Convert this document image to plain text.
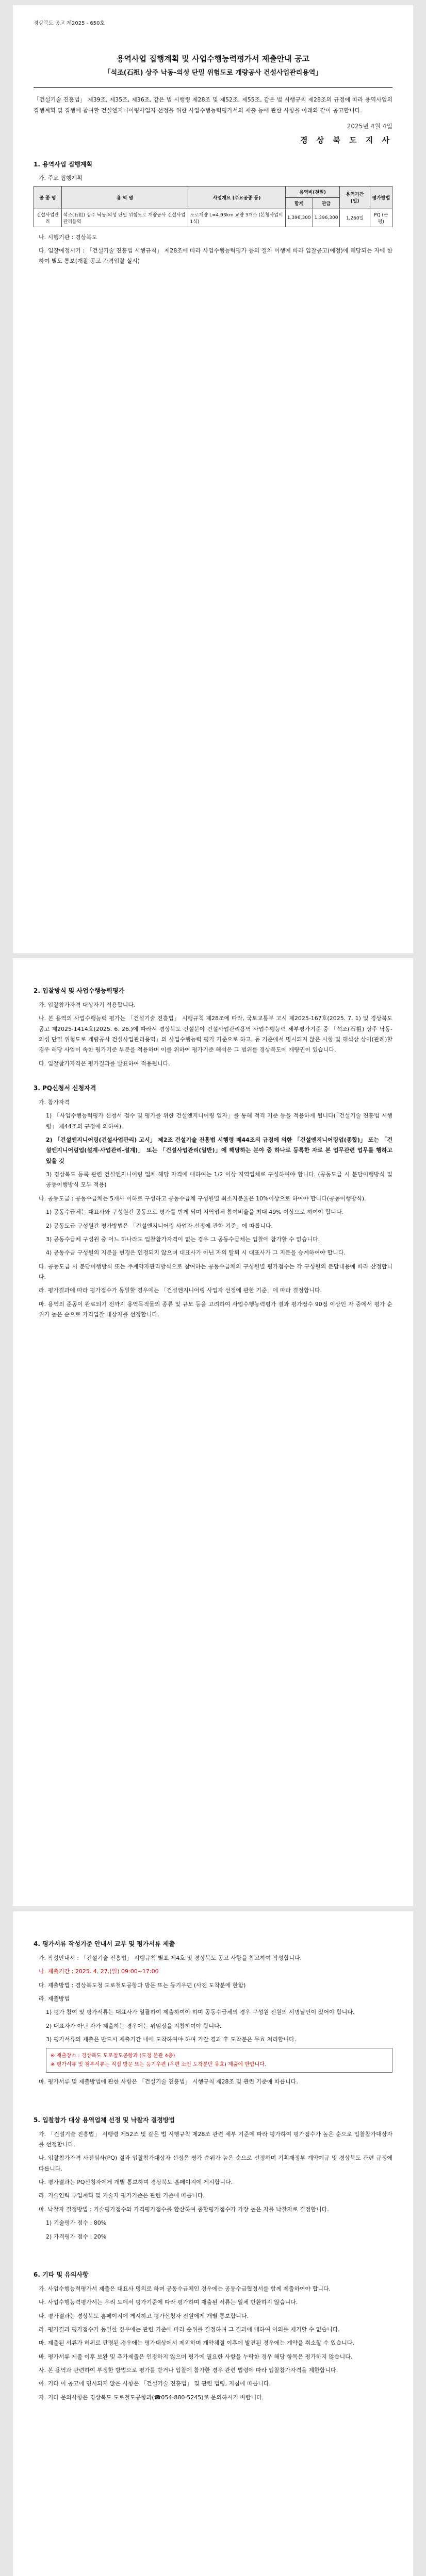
경상북도 공고 제2025 - 650호
용역사업 집행계획 및 사업수행능력평가서 제출안내 공고
「석조(石祖) 상주 낙동-의성 단밀 위험도로 개량공사 건설사업관리용역」
「건설기술 진흥법」 제39조, 제35조, 제36조, 같은 법 시행령 제28조 및 제52조, 제55조, 같은 법 시행규칙 제28조의 규정에 따라 용역사업의 집행계획 및 집행에 참여할 건설엔지니어링사업자 선정을 위한 사업수행능력평가서의 제출 등에 관한 사항을 아래와 같이 공고합니다.
2025년 4월 4일
경 상 북 도 지 사
1. 용역사업 집행계획
가. 주요 집행계획
공 종 명	용 역 명	사업개요 (주요공종 등)	용역비(천원)		용역기간 (일)	평가방법
			합계	관급		
건설사업관리	석조(石祖) 상주 낙동-의성 단밀 위험도로 개량공사 건설사업관리용역	도로개량 L=4.93km 교량 3개소 (본청사업비 1식)	1,396,300	1,396,300	1,260일	PQ (근평)
나. 시행기관 : 경상북도
다. 입찰예정시기 : 「건설기술 진흥법 시행규칙」 제28조에 따라 사업수행능력평가 등의 절차 이행에 따라 입찰공고(예정)에 해당되는 자에 한하여 별도 통보(개찰 공고 가격입찰 실시)
2. 입찰방식 및 사업수행능력평가
가. 입찰참가자격 대상자기 적용합니다.
나. 본 용역의 사업수행능력 평가는 「건설기술 진흥법」 시행규칙 제28조에 따라, 국토교통부 고시 제2025-167호(2025. 7. 1) 및 경상북도 공고 제2025-1414호(2025. 6. 26.)에 따라서 경상북도 건설분야 건설사업관리용역 사업수행능력 세부평가기준 중 「석조(石祖) 상주 낙동-의성 단밀 위험도로 개량공사 건설사업관리용역」의 사업수행능력 평가 기준으로 하고, 동 기준에서 명시되지 않은 사항 및 해석상 상이(관례)할 경우 해당 사업이 속한 평가기준 부분을 적용하며 이를 위하여 평가기준 해석은 그 범위를 경상북도에 재량권이 있습니다.
다. 입찰참가자격은 평가결과를 발표하여 적용됩니다.
3. PQ신청서 신청자격
가. 참가자격
1) 「사업수행능력평가 신청서 접수 및 평가를 위한 건설엔지니어링 업자」를 통해 적격 기준 등을 적용하게 됩니다(「건설기술 진흥법 시행령」 제44조의 규정에 의하여).
2) 「건설엔지니어링(건설사업관리) 고시」 제2조 건설기술 진흥법 시행령 제44조의 규정에 의한 「건설엔지니어링업(종합)」 또는 「건설엔지니어링업(설계·사업관리-설계)」 또는 「건설사업관리(일반)」에 해당하는 분야 중 하나로 등록한 자로 본 업무관련 업무를 행하고 있을 것
3) 경상북도 등록 관련 건설엔지니어링 업체 해당 자격에 대하여는 1/2 이상 지역업체로 구성하여야 합니다. (공동도급 시 분담이행방식 및 공동이행방식 모두 적용)
나. 공동도급 : 공동수급체는 5개사 이하로 구성하고 공동수급체 구성원별 최소지분율은 10%이상으로 하여야 합니다(공동이행방식).
1) 공동수급체는 대표사와 구성원간 공동으로 평가를 받게 되며 지역업체 참여비율을 최대 49% 이상으로 하여야 합니다.
2) 공동도급 구성원간 평가방법은 「건설엔지니어링 사업자 선정에 관한 기준」에 따릅니다.
3) 공동수급체 구성원 중 어느 하나라도 입찰참가자격이 없는 경우 그 공동수급체는 입찰에 참가할 수 없습니다.
4) 공동수급 구성원의 지분율 변경은 인정되지 않으며 대표사가 아닌 자의 탈퇴 시 대표사가 그 지분을 승계하여야 합니다.
다. 공동도급 시 분담이행방식 또는 주계약자관리방식으로 참여하는 공동수급체의 구성원별 평가점수는 각 구성원의 분담내용에 따라 산정합니다.
라. 평가결과에 따라 평가점수가 동일할 경우에는 「건설엔지니어링 사업자 선정에 관한 기준」에 따라 결정합니다.
마. 용역의 준공이 완료되기 전까지 용역목적물의 종류 및 규모 등을 고려하여 사업수행능력평가 결과 평가점수 90점 이상인 자 중에서 평가 순위가 높은 순으로 가격입찰 대상자를 선정합니다.
4. 평가서류 작성기준 안내서 교부 및 평가서류 제출
가. 작성안내서 : 「건설기술 진흥법」 시행규칙 별표 제4호 및 경상북도 공고 사항을 참고하여 작성합니다.
나. 제출기간 : 2025. 4. 27.(일) 09:00~17:00
다. 제출방법 : 경상북도청 도로철도공항과 방문 또는 등기우편 (사전 도착분에 한함)
라. 제출방법
1) 평가 참여 및 평가서류는 대표사가 일괄하여 제출하여야 하며 공동수급체의 경우 구성원 전원의 서명날인이 있어야 합니다.
2) 대표자가 아닌 자가 제출하는 경우에는 위임장을 지참하여야 합니다.
3) 평가서류의 제출은 반드시 제출기간 내에 도착하여야 하며 기간 경과 후 도착분은 무효 처리합니다.
※ 제출장소 : 경상북도 도로철도공항과 (도청 본관 4층)
※ 평가서류 및 첨부서류는 직접 방문 또는 등기우편 (우편 소인 도착분만 유효) 제출에 한합니다.
마. 평가서류 및 제출방법에 관한 사항은 「건설기술 진흥법」 시행규칙 제28조 및 관련 기준에 따릅니다.
5. 입찰참가 대상 용역업체 선정 및 낙찰자 결정방법
가. 「건설기술 진흥법」 시행령 제52조 및 같은 법 시행규칙 제28조 관련 세부 기준에 따라 평가하여 평가점수가 높은 순으로 입찰참가대상자를 선정합니다.
나. 입찰참가자격 사전심사(PQ) 결과 입찰참가대상자 선정은 평가 순위가 높은 순으로 선정하며 기획재정부 계약예규 및 경상북도 관련 규정에 따릅니다.
다. 평가결과는 PQ신청자에게 개별 통보하며 경상북도 홈페이지에 게시합니다.
라. 기술인력 투입계획 및 기술자 평가기준은 관련 기준에 따릅니다.
마. 낙찰자 결정방법 : 기술평가점수와 가격평가점수를 합산하여 종합평가점수가 가장 높은 자를 낙찰자로 결정합니다.
1) 기술평가 점수 : 80%
2) 가격평가 점수 : 20%
6. 기타 및 유의사항
가. 사업수행능력평가서 제출은 대표사 명의로 하며 공동수급체인 경우에는 공동수급협정서를 함께 제출하여야 합니다.
나. 사업수행능력평가서는 우리 도에서 평가기준에 따라 평가하며 제출된 서류는 일체 반환하지 않습니다.
다. 평가결과는 경상북도 홈페이지에 게시하고 평가신청자 전원에게 개별 통보합니다.
라. 평가결과 평가점수가 동일한 경우에는 관련 기준에 따라 순위를 결정하며 그 결과에 대하여 이의를 제기할 수 없습니다.
마. 제출된 서류가 허위로 판명된 경우에는 평가대상에서 제외하며 계약체결 이후에 발견된 경우에는 계약을 취소할 수 있습니다.
바. 평가서류 제출 이후 보완 및 추가제출은 인정하지 않으며 평가에 필요한 사항을 누락한 경우 해당 항목은 평가하지 않습니다.
사. 본 용역과 관련하여 부정한 방법으로 평가를 받거나 입찰에 참가한 경우 관련 법령에 따라 입찰참가자격을 제한합니다.
아. 기타 이 공고에 명시되지 않은 사항은 「건설기술 진흥법」 및 관련 법령, 지침에 따릅니다.
자. 기타 문의사항은 경상북도 도로철도공항과(☎054-880-5245)로 문의하시기 바랍니다.
